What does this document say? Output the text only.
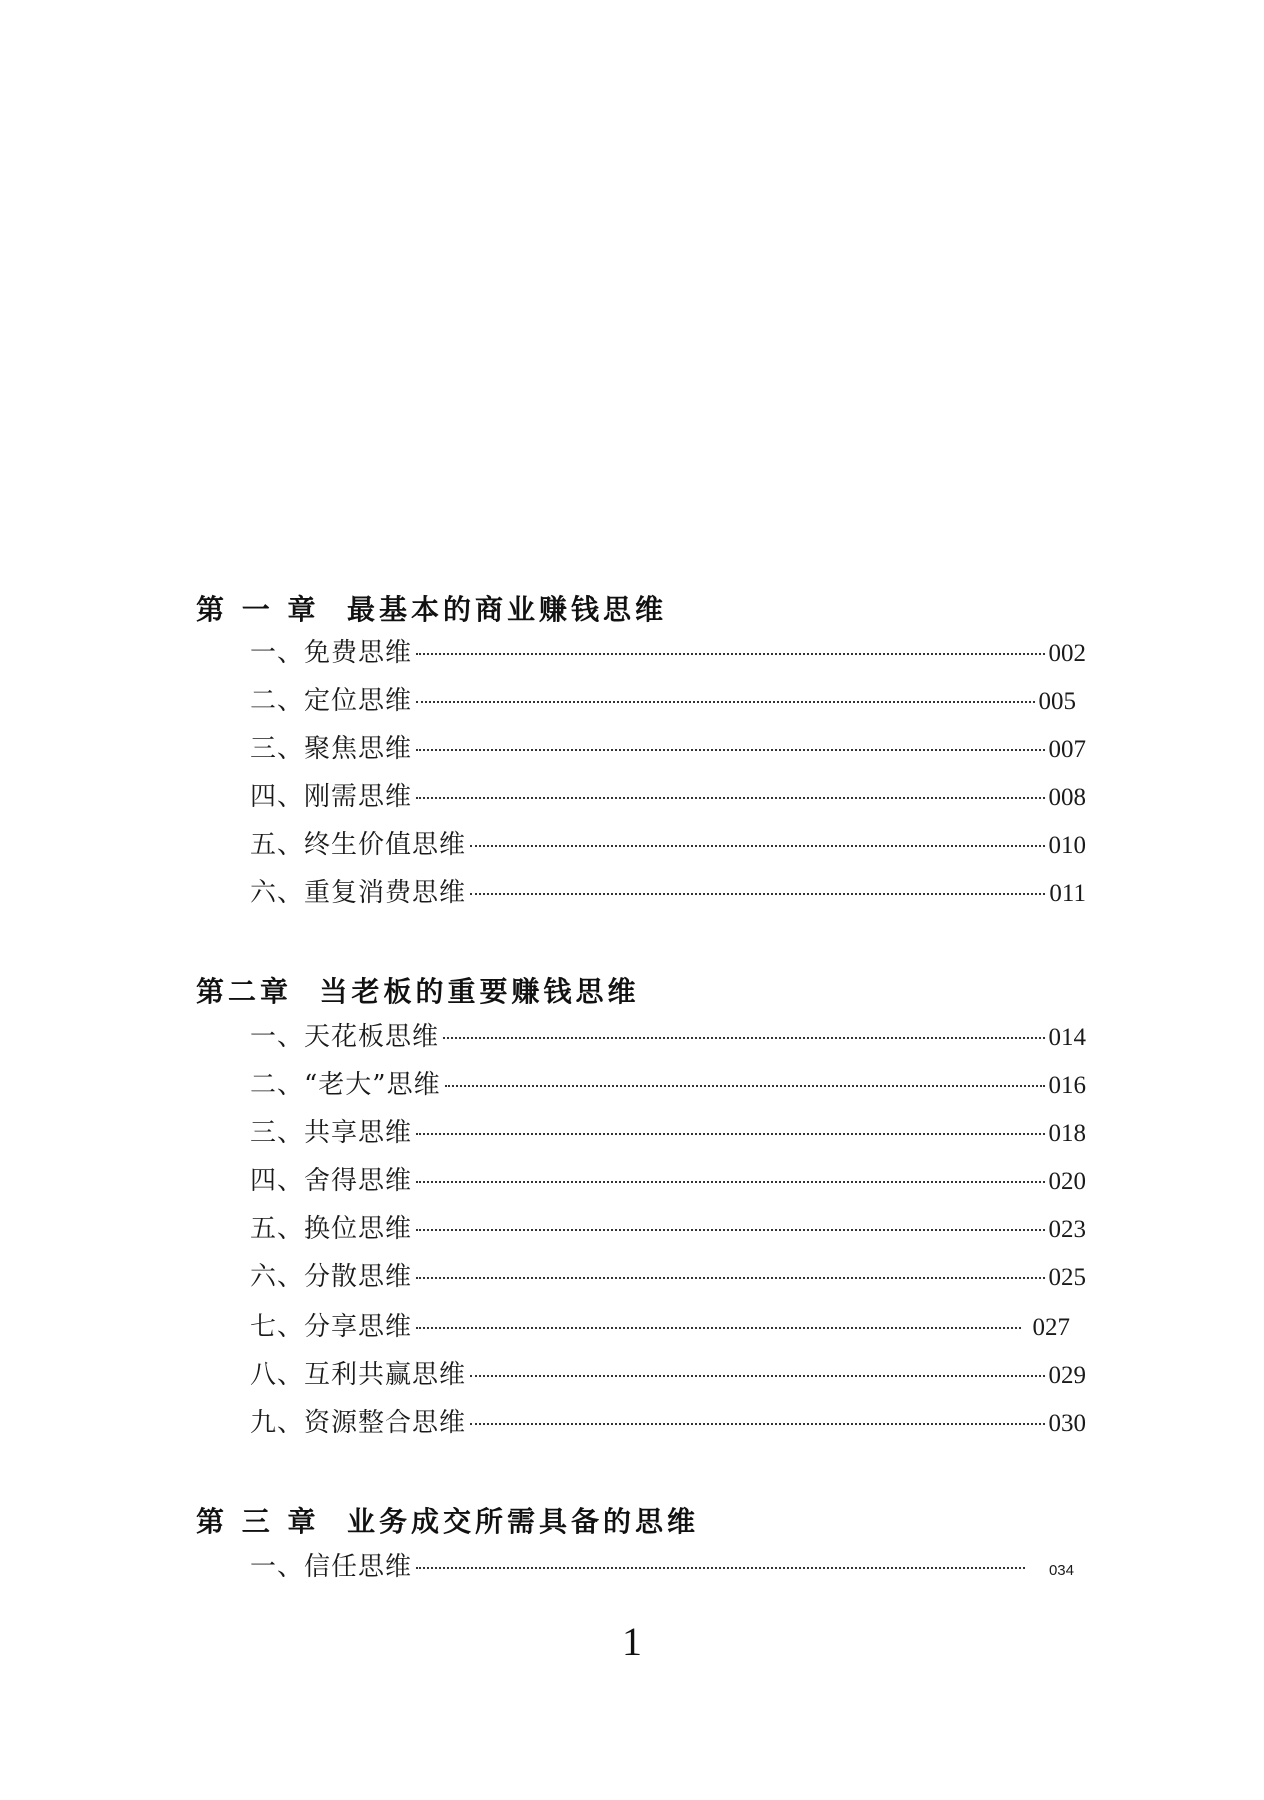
第 一 章  最基本的商业赚钱思维
一、免费思维	002
二、定位思维	005
三、聚焦思维	007
四、刚需思维	008
五、终生价值思维	010
六、重复消费思维	011
第二章  当老板的重要赚钱思维
一、天花板思维	014
二、“老大”思维	016
三、共享思维	018
四、舍得思维	020
五、换位思维	023
六、分散思维	025
七、分享思维	027
八、互利共赢思维	029
九、资源整合思维	030
第 三 章  业务成交所需具备的思维
一、信任思维	034
1
